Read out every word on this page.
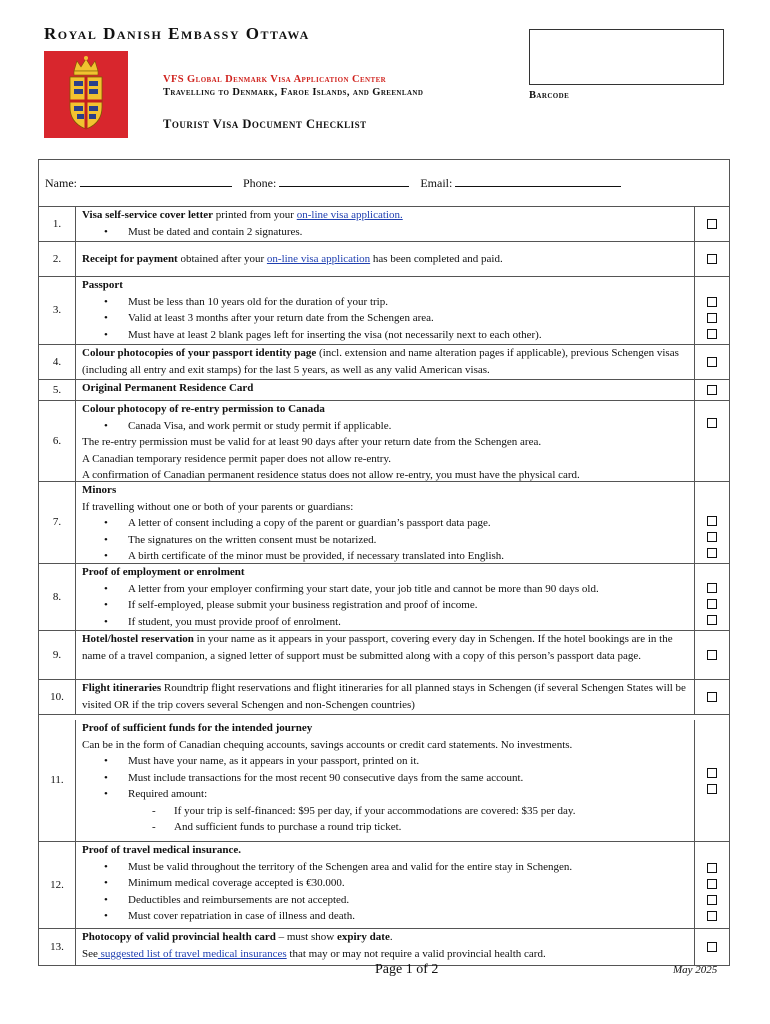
Royal Danish Embassy Ottawa
VFS Global Denmark Visa Application Center
Travelling to Denmark, Faroe Islands, and Greenland	Barcode
Tourist Visa Document Checklist
Name:	Phone:	Email:
1.
Visa self-service cover letter printed from your on-line visa application.
• Must be dated and contain 2 signatures.
2.	Receipt for payment obtained after your on-line visa application has been completed and paid.
3.
Passport
• Must be less than 10 years old for the duration of your trip.
• Valid at least 3 months after your return date from the Schengen area.
• Must have at least 2 blank pages left for inserting the visa (not necessarily next to each other).
4.
Colour photocopies of your passport identity page (incl. extension and name alteration pages if applicable), previous Schengen visas (including all entry and exit stamps) for the last 5 years, as well as any valid American visas.
5.	Original Permanent Residence Card
6.
Colour photocopy of re-entry permission to Canada
• Canada Visa, and work permit or study permit if applicable.
The re-entry permission must be valid for at least 90 days after your return date from the Schengen area.
A Canadian temporary residence permit paper does not allow re-entry.
A confirmation of Canadian permanent residence status does not allow re-entry, you must have the physical card.
7.
Minors
If travelling without one or both of your parents or guardians:
• A letter of consent including a copy of the parent or guardian’s passport data page.
• The signatures on the written consent must be notarized.
• A birth certificate of the minor must be provided, if necessary translated into English.
8.
Proof of employment or enrolment
• A letter from your employer confirming your start date, your job title and cannot be more than 90 days old.
• If self-employed, please submit your business registration and proof of income.
• If student, you must provide proof of enrolment.
9.
Hotel/hostel reservation in your name as it appears in your passport, covering every day in Schengen. If the hotel bookings are in the name of a travel companion, a signed letter of support must be submitted along with a copy of this person’s passport data page.
10.
Flight itineraries Roundtrip flight reservations and flight itineraries for all planned stays in Schengen (if several Schengen States will be visited OR if the trip covers several Schengen and non-Schengen countries)
11.
Proof of sufficient funds for the intended journey
Can be in the form of Canadian chequing accounts, savings accounts or credit card statements. No investments.
• Must have your name, as it appears in your passport, printed on it.
• Must include transactions for the most recent 90 consecutive days from the same account.
• Required amount:
- If your trip is self-financed: $95 per day, if your accommodations are covered: $35 per day.
- And sufficient funds to purchase a round trip ticket.
12.
Proof of travel medical insurance.
• Must be valid throughout the territory of the Schengen area and valid for the entire stay in Schengen.
• Minimum medical coverage accepted is €30.000.
• Deductibles and reimbursements are not accepted.
• Must cover repatriation in case of illness and death.
13.
Photocopy of valid provincial health card – must show expiry date.
See suggested list of travel medical insurances that may or may not require a valid provincial health card.
Page 1 of 2	May 2025
